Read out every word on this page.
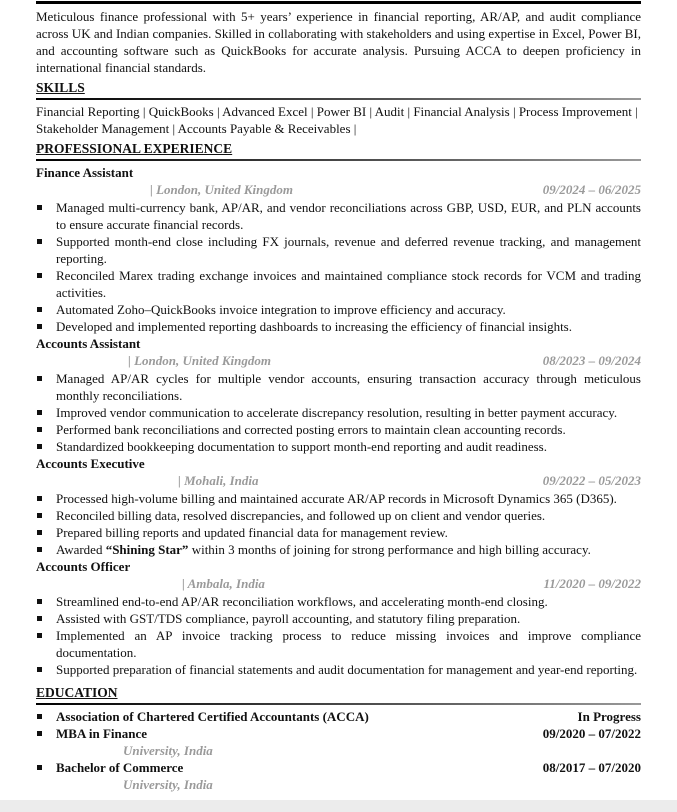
Meticulous finance professional with 5+ years’ experience in financial reporting, AR/AP, and audit compliance across UK and Indian companies. Skilled in collaborating with stakeholders and using expertise in Excel, Power BI, and accounting software such as QuickBooks for accurate analysis. Pursuing ACCA to deepen proficiency in international financial standards.
SKILLS
Financial Reporting | QuickBooks | Advanced Excel | Power BI | Audit | Financial Analysis | Process Improvement | Stakeholder Management | Accounts Payable & Receivables |
PROFESSIONAL EXPERIENCE
Finance Assistant
| London, United Kingdom	09/2024 – 06/2025
Managed multi-currency bank, AP/AR, and vendor reconciliations across GBP, USD, EUR, and PLN accounts to ensure accurate financial records.
Supported month-end close including FX journals, revenue and deferred revenue tracking, and management reporting.
Reconciled Marex trading exchange invoices and maintained compliance stock records for VCM and trading activities.
Automated Zoho–QuickBooks invoice integration to improve efficiency and accuracy.
Developed and implemented reporting dashboards to increasing the efficiency of financial insights.
Accounts Assistant
| London, United Kingdom	08/2023 – 09/2024
Managed AP/AR cycles for multiple vendor accounts, ensuring transaction accuracy through meticulous monthly reconciliations.
Improved vendor communication to accelerate discrepancy resolution, resulting in better payment accuracy.
Performed bank reconciliations and corrected posting errors to maintain clean accounting records.
Standardized bookkeeping documentation to support month-end reporting and audit readiness.
Accounts Executive
| Mohali, India	09/2022 – 05/2023
Processed high-volume billing and maintained accurate AR/AP records in Microsoft Dynamics 365 (D365).
Reconciled billing data, resolved discrepancies, and followed up on client and vendor queries.
Prepared billing reports and updated financial data for management review.
Awarded “Shining Star” within 3 months of joining for strong performance and high billing accuracy.
Accounts Officer
| Ambala, India	11/2020 – 09/2022
Streamlined end-to-end AP/AR reconciliation workflows, and accelerating month-end closing.
Assisted with GST/TDS compliance, payroll accounting, and statutory filing preparation.
Implemented an AP invoice tracking process to reduce missing invoices and improve compliance documentation.
Supported preparation of financial statements and audit documentation for management and year-end reporting.
EDUCATION
Association of Chartered Certified Accountants (ACCA)	In Progress
MBA in Finance	09/2020 – 07/2022
University, India
Bachelor of Commerce	08/2017 – 07/2020
University, India
